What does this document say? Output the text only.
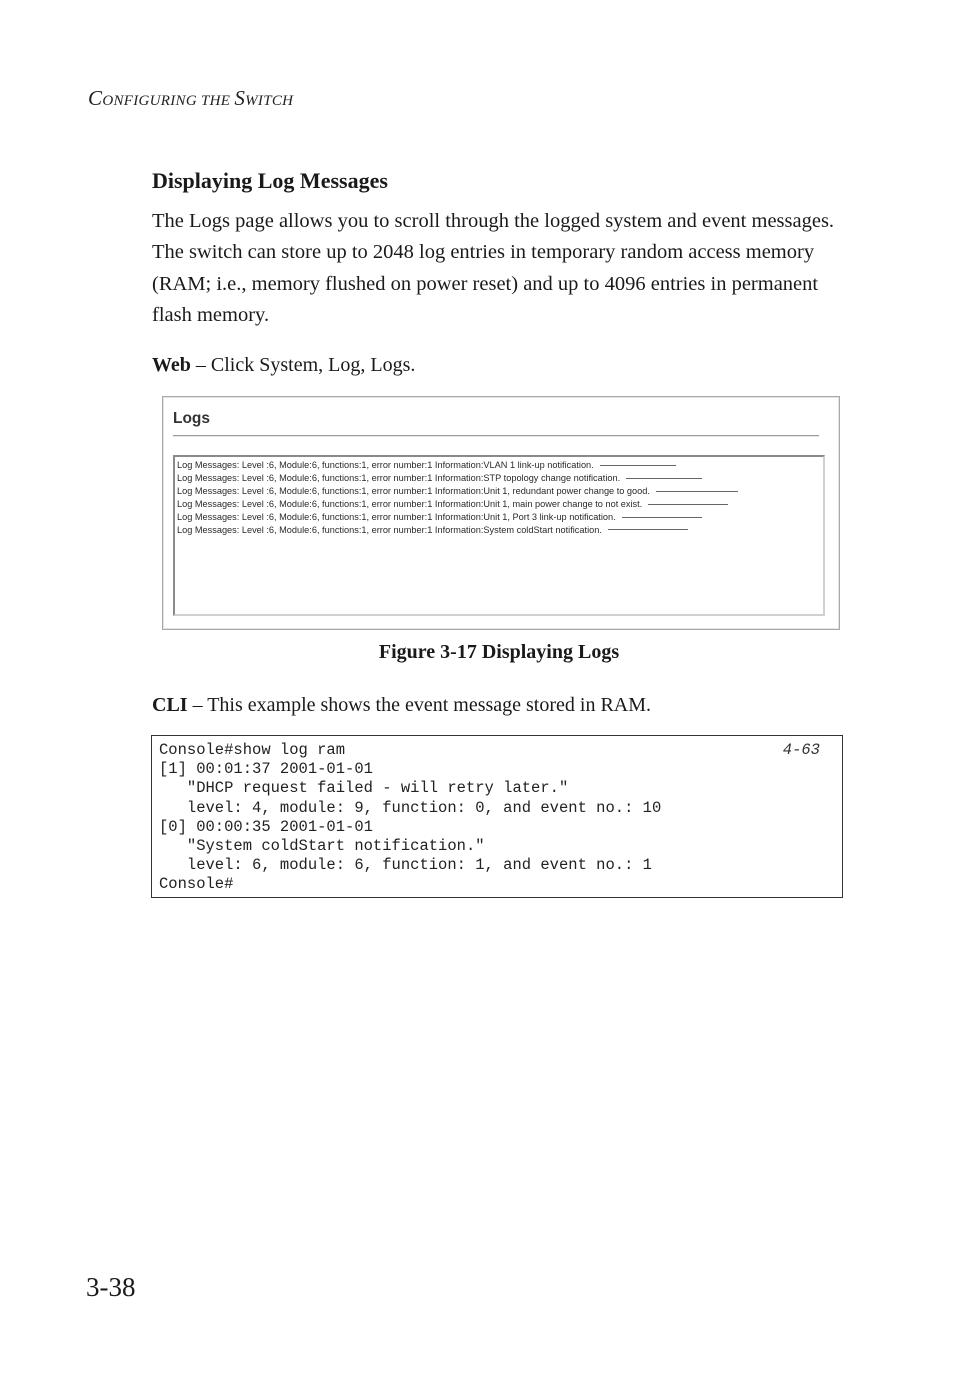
CONFIGURING THE SWITCH
Displaying Log Messages

The Logs page allows you to scroll through the logged system and event messages. The switch can store up to 2048 log entries in temporary random access memory (RAM; i.e., memory flushed on power reset) and up to 4096 entries in permanent flash memory.

Web – Click System, Log, Logs.

Logs
Log Messages: Level :6, Module:6, functions:1, error number:1 Information:VLAN 1 link-up notification.
Log Messages: Level :6, Module:6, functions:1, error number:1 Information:STP topology change notification.
Log Messages: Level :6, Module:6, functions:1, error number:1 Information:Unit 1, redundant power change to good.
Log Messages: Level :6, Module:6, functions:1, error number:1 Information:Unit 1, main power change to not exist.
Log Messages: Level :6, Module:6, functions:1, error number:1 Information:Unit 1, Port 3 link-up notification.
Log Messages: Level :6, Module:6, functions:1, error number:1 Information:System coldStart notification.

Figure 3-17 Displaying Logs

CLI – This example shows the event message stored in RAM.

Console#show log ram
[1] 00:01:37 2001-01-01
"DHCP request failed - will retry later."
level: 4, module: 9, function: 0, and event no.: 10
[0] 00:00:35 2001-01-01
"System coldStart notification."
level: 6, module: 6, function: 1, and event no.: 1
Console#
4-63
3-38
